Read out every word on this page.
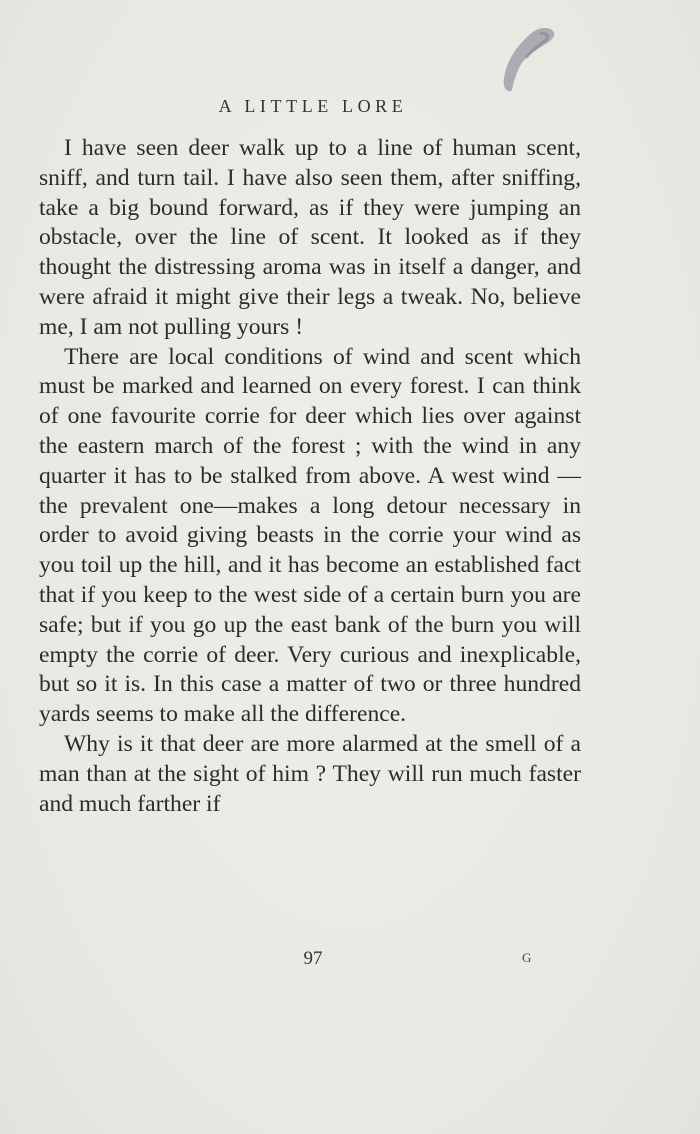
A LITTLE LORE

I have seen deer walk up to a line of human scent, sniff, and turn tail. I have also seen them, after sniffing, take a big bound forward, as if they were jumping an obstacle, over the line of scent. It looked as if they thought the distressing aroma was in itself a danger, and were afraid it might give their legs a tweak. No, believe me, I am not pulling yours !

There are local conditions of wind and scent which must be marked and learned on every forest. I can think of one favourite corrie for deer which lies over against the eastern march of the forest ; with the wind in any quarter it has to be stalked from above. A west wind —the prevalent one—makes a long detour necessary in order to avoid giving beasts in the corrie your wind as you toil up the hill, and it has become an established fact that if you keep to the west side of a certain burn you are safe; but if you go up the east bank of the burn you will empty the corrie of deer. Very curious and inexplicable, but so it is. In this case a matter of two or three hundred yards seems to make all the difference.

Why is it that deer are more alarmed at the smell of a man than at the sight of him ? They will run much faster and much farther if

97	G
